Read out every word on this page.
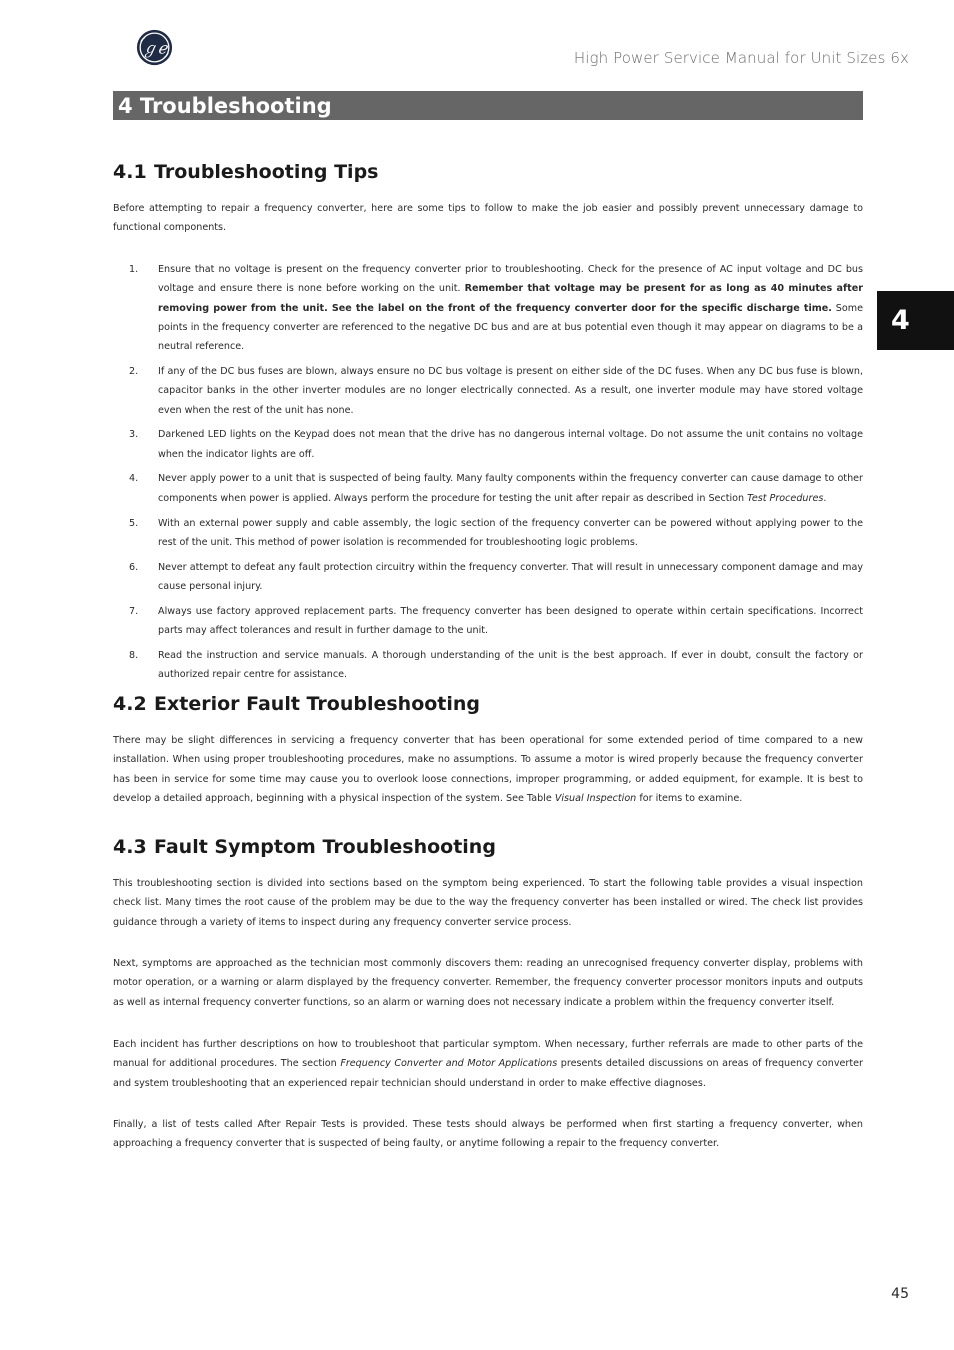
ℊℯ
High Power Service Manual for Unit Sizes 6x
4 Troubleshooting
4
4.1 Troubleshooting Tips
Before attempting to repair a frequency converter, here are some tips to follow to make the job easier and possibly prevent unnecessary damage to functional components.
1. Ensure that no voltage is present on the frequency converter prior to troubleshooting. Check for the presence of AC input voltage and DC bus voltage and ensure there is none before working on the unit. Remember that voltage may be present for as long as 40 minutes after removing power from the unit. See the label on the front of the frequency converter door for the specific discharge time. Some points in the frequency converter are referenced to the negative DC bus and are at bus potential even though it may appear on diagrams to be a neutral reference.
2. If any of the DC bus fuses are blown, always ensure no DC bus voltage is present on either side of the DC fuses. When any DC bus fuse is blown, capacitor banks in the other inverter modules are no longer electrically connected. As a result, one inverter module may have stored voltage even when the rest of the unit has none.
3. Darkened LED lights on the Keypad does not mean that the drive has no dangerous internal voltage. Do not assume the unit contains no voltage when the indicator lights are off.
4. Never apply power to a unit that is suspected of being faulty. Many faulty components within the frequency converter can cause damage to other components when power is applied. Always perform the procedure for testing the unit after repair as described in Section Test Procedures.
5. With an external power supply and cable assembly, the logic section of the frequency converter can be powered without applying power to the rest of the unit. This method of power isolation is recommended for troubleshooting logic problems.
6. Never attempt to defeat any fault protection circuitry within the frequency converter. That will result in unnecessary component damage and may cause personal injury.
7. Always use factory approved replacement parts. The frequency converter has been designed to operate within certain specifications. Incorrect parts may affect tolerances and result in further damage to the unit.
8. Read the instruction and service manuals. A thorough understanding of the unit is the best approach. If ever in doubt, consult the factory or authorized repair centre for assistance.
4.2 Exterior Fault Troubleshooting
There may be slight differences in servicing a frequency converter that has been operational for some extended period of time compared to a new installation. When using proper troubleshooting procedures, make no assumptions. To assume a motor is wired properly because the frequency converter has been in service for some time may cause you to overlook loose connections, improper programming, or added equipment, for example. It is best to develop a detailed approach, beginning with a physical inspection of the system. See Table Visual Inspection for items to examine.
4.3 Fault Symptom Troubleshooting
This troubleshooting section is divided into sections based on the symptom being experienced. To start the following table provides a visual inspection check list. Many times the root cause of the problem may be due to the way the frequency converter has been installed or wired. The check list provides guidance through a variety of items to inspect during any frequency converter service process.
Next, symptoms are approached as the technician most commonly discovers them: reading an unrecognised frequency converter display, problems with motor operation, or a warning or alarm displayed by the frequency converter. Remember, the frequency converter processor monitors inputs and outputs as well as internal frequency converter functions, so an alarm or warning does not necessary indicate a problem within the frequency converter itself.
Each incident has further descriptions on how to troubleshoot that particular symptom. When necessary, further referrals are made to other parts of the manual for additional procedures. The section Frequency Converter and Motor Applications presents detailed discussions on areas of frequency converter and system troubleshooting that an experienced repair technician should understand in order to make effective diagnoses.
Finally, a list of tests called After Repair Tests is provided. These tests should always be performed when first starting a frequency converter, when approaching a frequency converter that is suspected of being faulty, or anytime following a repair to the frequency converter.
45
